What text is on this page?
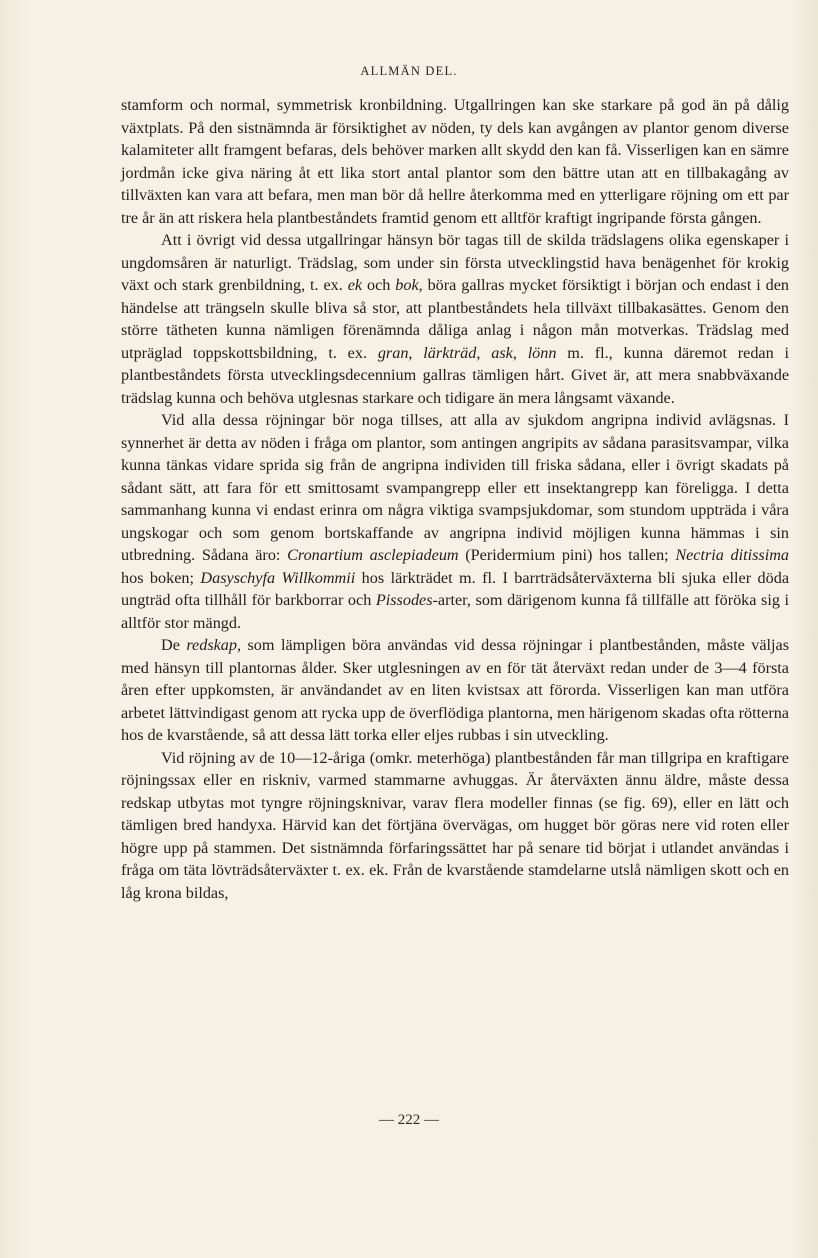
ALLMÄN DEL.

stamform och normal, symmetrisk kronbildning. Utgallringen kan ske starkare på god än på dålig växtplats. På den sistnämnda är försiktighet av nöden, ty dels kan avgången av plantor genom diverse kalamiteter allt framgent befaras, dels behöver marken allt skydd den kan få. Visserligen kan en sämre jordmån icke giva näring åt ett lika stort antal plantor som den bättre utan att en tillbakagång av tillväxten kan vara att befara, men man bör då hellre återkomma med en ytterligare röjning om ett par tre år än att riskera hela plantbeståndets framtid genom ett alltför kraftigt ingripande första gången.

Att i övrigt vid dessa utgallringar hänsyn bör tagas till de skilda trädslagens olika egenskaper i ungdomsåren är naturligt. Trädslag, som under sin första utvecklingstid hava benägenhet för krokig växt och stark grenbildning, t. ex. ek och bok, böra gallras mycket försiktigt i början och endast i den händelse att trängseln skulle bliva så stor, att plantbeståndets hela tillväxt tillbakasättes. Genom den större tätheten kunna nämligen förenämnda dåliga anlag i någon mån motverkas. Trädslag med utpräglad toppskottsbildning, t. ex. gran, lärkträd, ask, lönn m. fl., kunna däremot redan i plantbeståndets första utvecklingsdecennium gallras tämligen hårt. Givet är, att mera snabbväxande trädslag kunna och behöva utglesnas starkare och tidigare än mera långsamt växande.

Vid alla dessa röjningar bör noga tillses, att alla av sjukdom angripna individ avlägsnas. I synnerhet är detta av nöden i fråga om plantor, som antingen angripits av sådana parasitsvampar, vilka kunna tänkas vidare sprida sig från de angripna individen till friska sådana, eller i övrigt skadats på sådant sätt, att fara för ett smittosamt svampangrepp eller ett insektangrepp kan föreligga. I detta sammanhang kunna vi endast erinra om några viktiga svampsjukdomar, som stundom uppträda i våra ungskogar och som genom bortskaffande av angripna individ möjligen kunna hämmas i sin utbredning. Sådana äro: Cronartium asclepiadeum (Peridermium pini) hos tallen; Nectria ditissima hos boken; Dasyschyfa Willkommii hos lärkträdet m. fl. I barrträdsåterväxterna bli sjuka eller döda ungträd ofta tillhåll för barkborrar och Pissodes-arter, som därigenom kunna få tillfälle att föröka sig i alltför stor mängd.

De redskap, som lämpligen böra användas vid dessa röjningar i plantbestånden, måste väljas med hänsyn till plantornas ålder. Sker utglesningen av en för tät återväxt redan under de 3—4 första åren efter uppkomsten, är användandet av en liten kvistsax att förorda. Visserligen kan man utföra arbetet lättvindigast genom att rycka upp de överflödiga plantorna, men härigenom skadas ofta rötterna hos de kvarstående, så att dessa lätt torka eller eljes rubbas i sin utveckling.

Vid röjning av de 10—12-åriga (omkr. meterhöga) plantbestånden får man tillgripa en kraftigare röjningssax eller en riskniv, varmed stammarne avhuggas. Är återväxten ännu äldre, måste dessa redskap utbytas mot tyngre röjningsknivar, varav flera modeller finnas (se fig. 69), eller en lätt och tämligen bred handyxa. Härvid kan det förtjäna övervägas, om hugget bör göras nere vid roten eller högre upp på stammen. Det sistnämnda förfaringssättet har på senare tid börjat i utlandet användas i fråga om täta lövträdsåterväxter t. ex. ek. Från de kvarstående stamdelarne utslå nämligen skott och en låg krona bildas,

— 222 —
